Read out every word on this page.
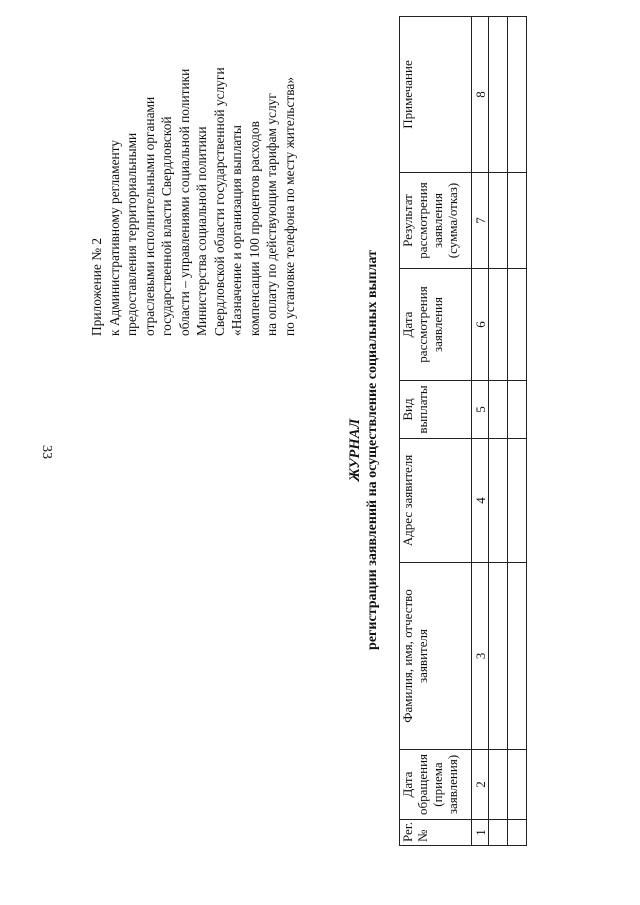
33
Приложение № 2 к Административному регламенту предоставления территориальными отраслевыми исполнительными органами государственной власти Свердловской области – управлениями социальной политики Министерства социальной политики Свердловской области государственной услуги «Назначение и организация выплаты компенсации 100 процентов расходов на оплату по действующим тарифам услуг по установке телефона по месту жительства»
ЖУРНАЛ регистрации заявлений на осуществление социальных выплат
Рег. №	Дата обращения (приема заявления)	Фамилия, имя, отчество заявителя	Адрес заявителя	Вид выплаты	Дата рассмотрения заявления	Результат рассмотрения заявления (сумма/отказ)	Примечание
1	2	3	4	5	6	7	8
